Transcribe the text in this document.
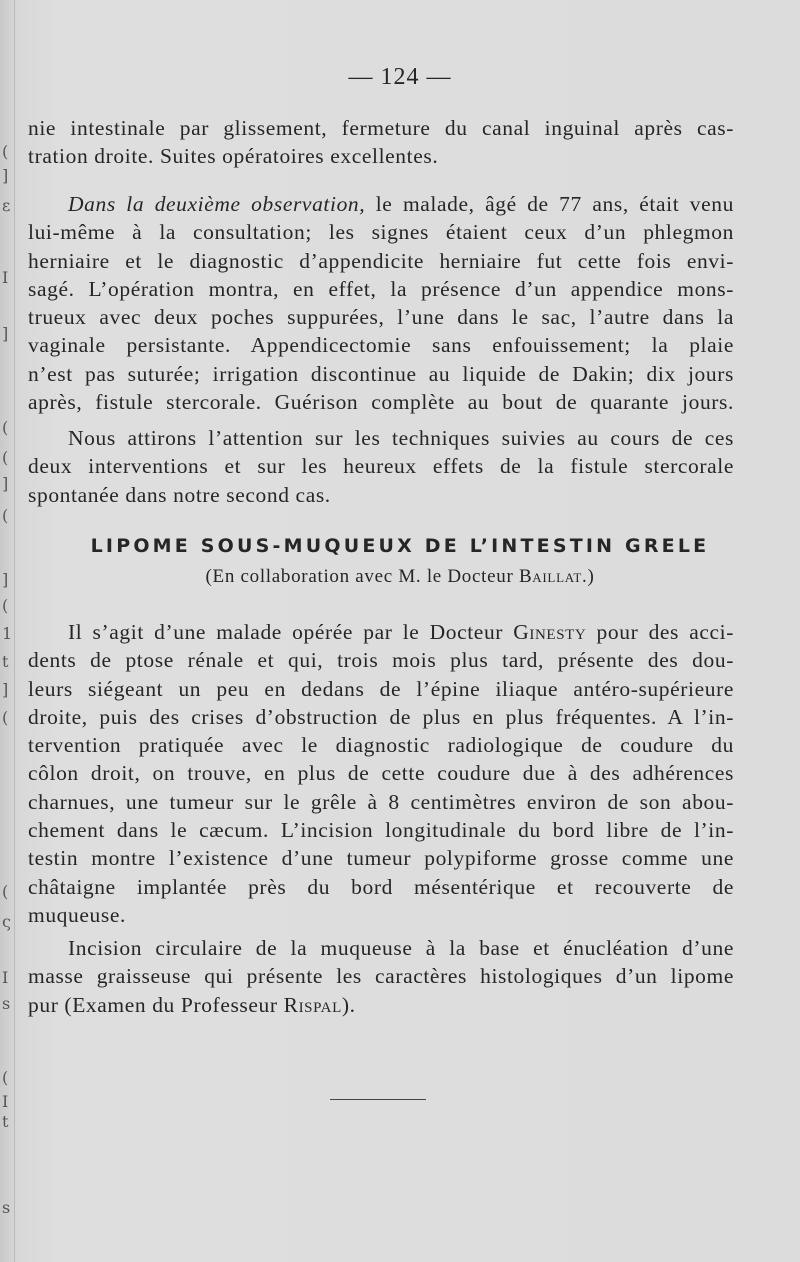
(
]
ε
Ι
]
(
(
]
(
]
(
1
t
]
(
(
ς
I
s
(
I
t
s
— 124 —
nie intestinale par glissement, fermeture du canal inguinal après cas-
tration droite. Suites opératoires excellentes.
Dans la deuxième observation, le malade, âgé de 77 ans, était venu
lui-même à la consultation; les signes étaient ceux d’un phlegmon
herniaire et le diagnostic d’appendicite herniaire fut cette fois envi-
sagé. L’opération montra, en effet, la présence d’un appendice mons-
trueux avec deux poches suppurées, l’une dans le sac, l’autre dans la
vaginale persistante. Appendicectomie sans enfouissement; la plaie
n’est pas suturée; irrigation discontinue au liquide de Dakin; dix jours
après, fistule stercorale. Guérison complète au bout de quarante jours.
Nous attirons l’attention sur les techniques suivies au cours de ces
deux interventions et sur les heureux effets de la fistule stercorale
spontanée dans notre second cas.
LIPOME SOUS-MUQUEUX DE L’INTESTIN GRELE
(En collaboration avec M. le Docteur Baillat.)
Il s’agit d’une malade opérée par le Docteur Ginesty pour des acci-
dents de ptose rénale et qui, trois mois plus tard, présente des dou-
leurs siégeant un peu en dedans de l’épine iliaque antéro-supérieure
droite, puis des crises d’obstruction de plus en plus fréquentes. A l’in-
tervention pratiquée avec le diagnostic radiologique de coudure du
côlon droit, on trouve, en plus de cette coudure due à des adhérences
charnues, une tumeur sur le grêle à 8 centimètres environ de son abou-
chement dans le cæcum. L’incision longitudinale du bord libre de l’in-
testin montre l’existence d’une tumeur polypiforme grosse comme une
châtaigne implantée près du bord mésentérique et recouverte de
muqueuse.
Incision circulaire de la muqueuse à la base et énucléation d’une
masse graisseuse qui présente les caractères histologiques d’un lipome
pur (Examen du Professeur Rispal).
